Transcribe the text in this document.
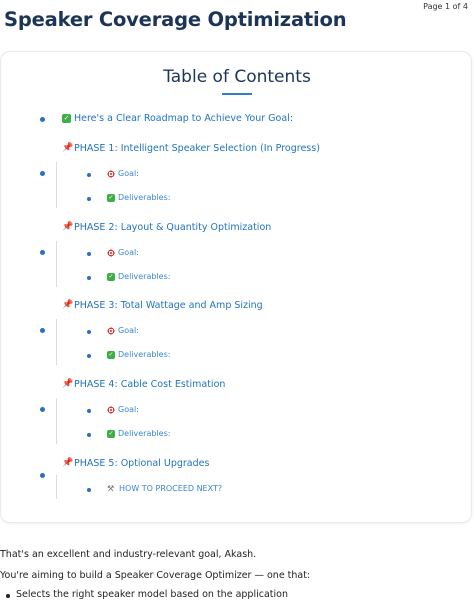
Page 1 of 4
Speaker Coverage Optimization
Table of Contents
✓ Here's a Clear Roadmap to Achieve Your Goal:
📌 PHASE 1: Intelligent Speaker Selection (In Progress)
Goal:
✓ Deliverables:
📌 PHASE 2: Layout & Quantity Optimization
Goal:
✓ Deliverables:
📌 PHASE 3: Total Wattage and Amp Sizing
Goal:
✓ Deliverables:
📌 PHASE 4: Cable Cost Estimation
Goal:
✓ Deliverables:
📌 PHASE 5: Optional Upgrades
⚒ HOW TO PROCEED NEXT?
That's an excellent and industry-relevant goal, Akash.
You're aiming to build a Speaker Coverage Optimizer — one that:
Selects the right speaker model based on the application
